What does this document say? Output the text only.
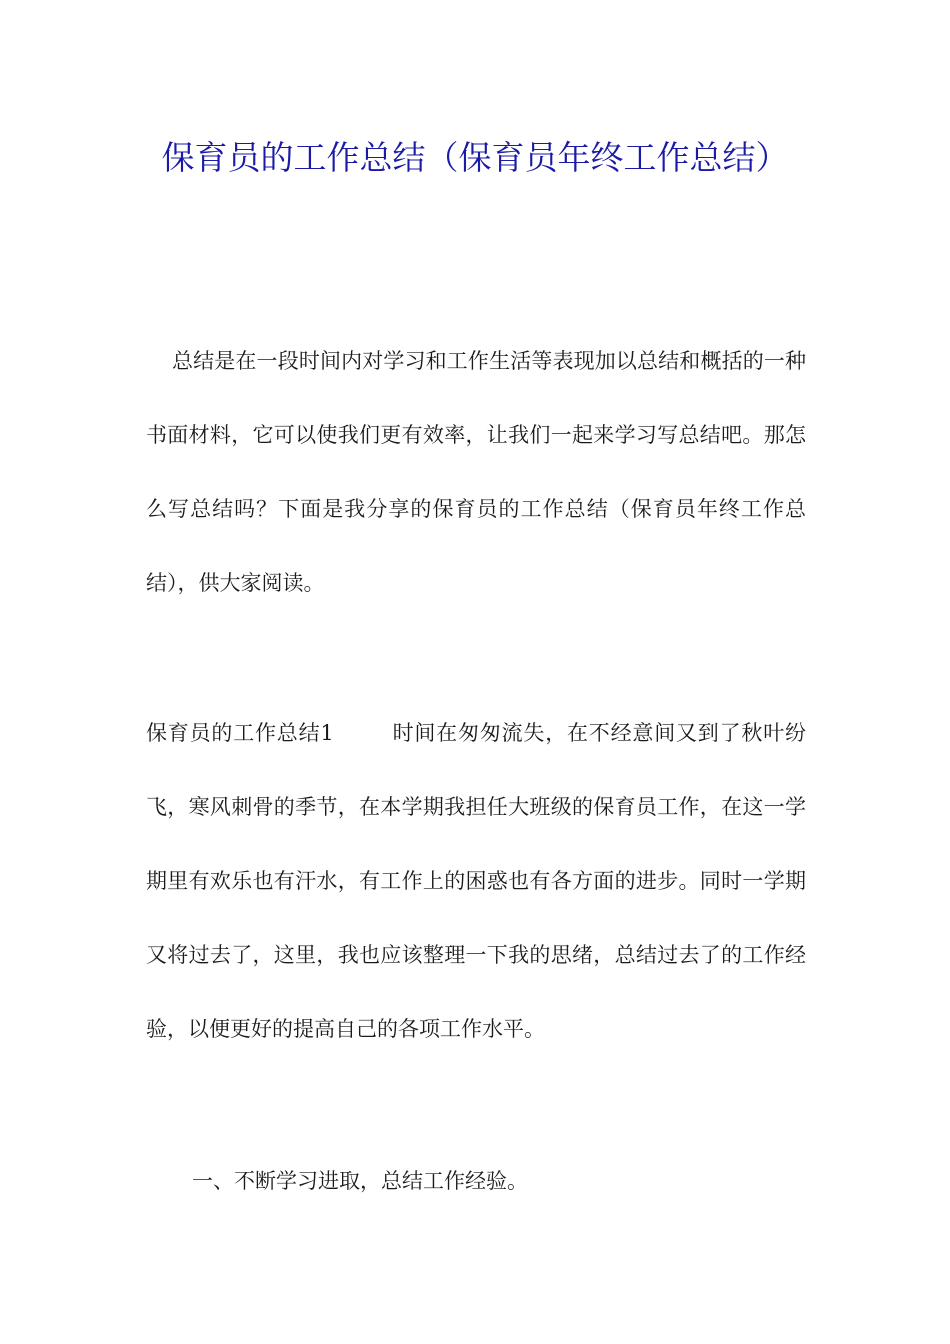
保育员的工作总结（保育员年终工作总结）

总结是在一段时间内对学习和工作生活等表现加以总结和概括的一种书面材料，它可以使我们更有效率，让我们一起来学习写总结吧。那怎么写总结吗？下面是我分享的保育员的工作总结（保育员年终工作总结），供大家阅读。

保育员的工作总结1	时间在匆匆流失，在不经意间又到了秋叶纷飞，寒风刺骨的季节，在本学期我担任大班级的保育员工作，在这一学期里有欢乐也有汗水，有工作上的困惑也有各方面的进步。同时一学期又将过去了，这里，我也应该整理一下我的思绪，总结过去了的工作经验，以便更好的提高自己的各项工作水平。

一、不断学习进取，总结工作经验。
